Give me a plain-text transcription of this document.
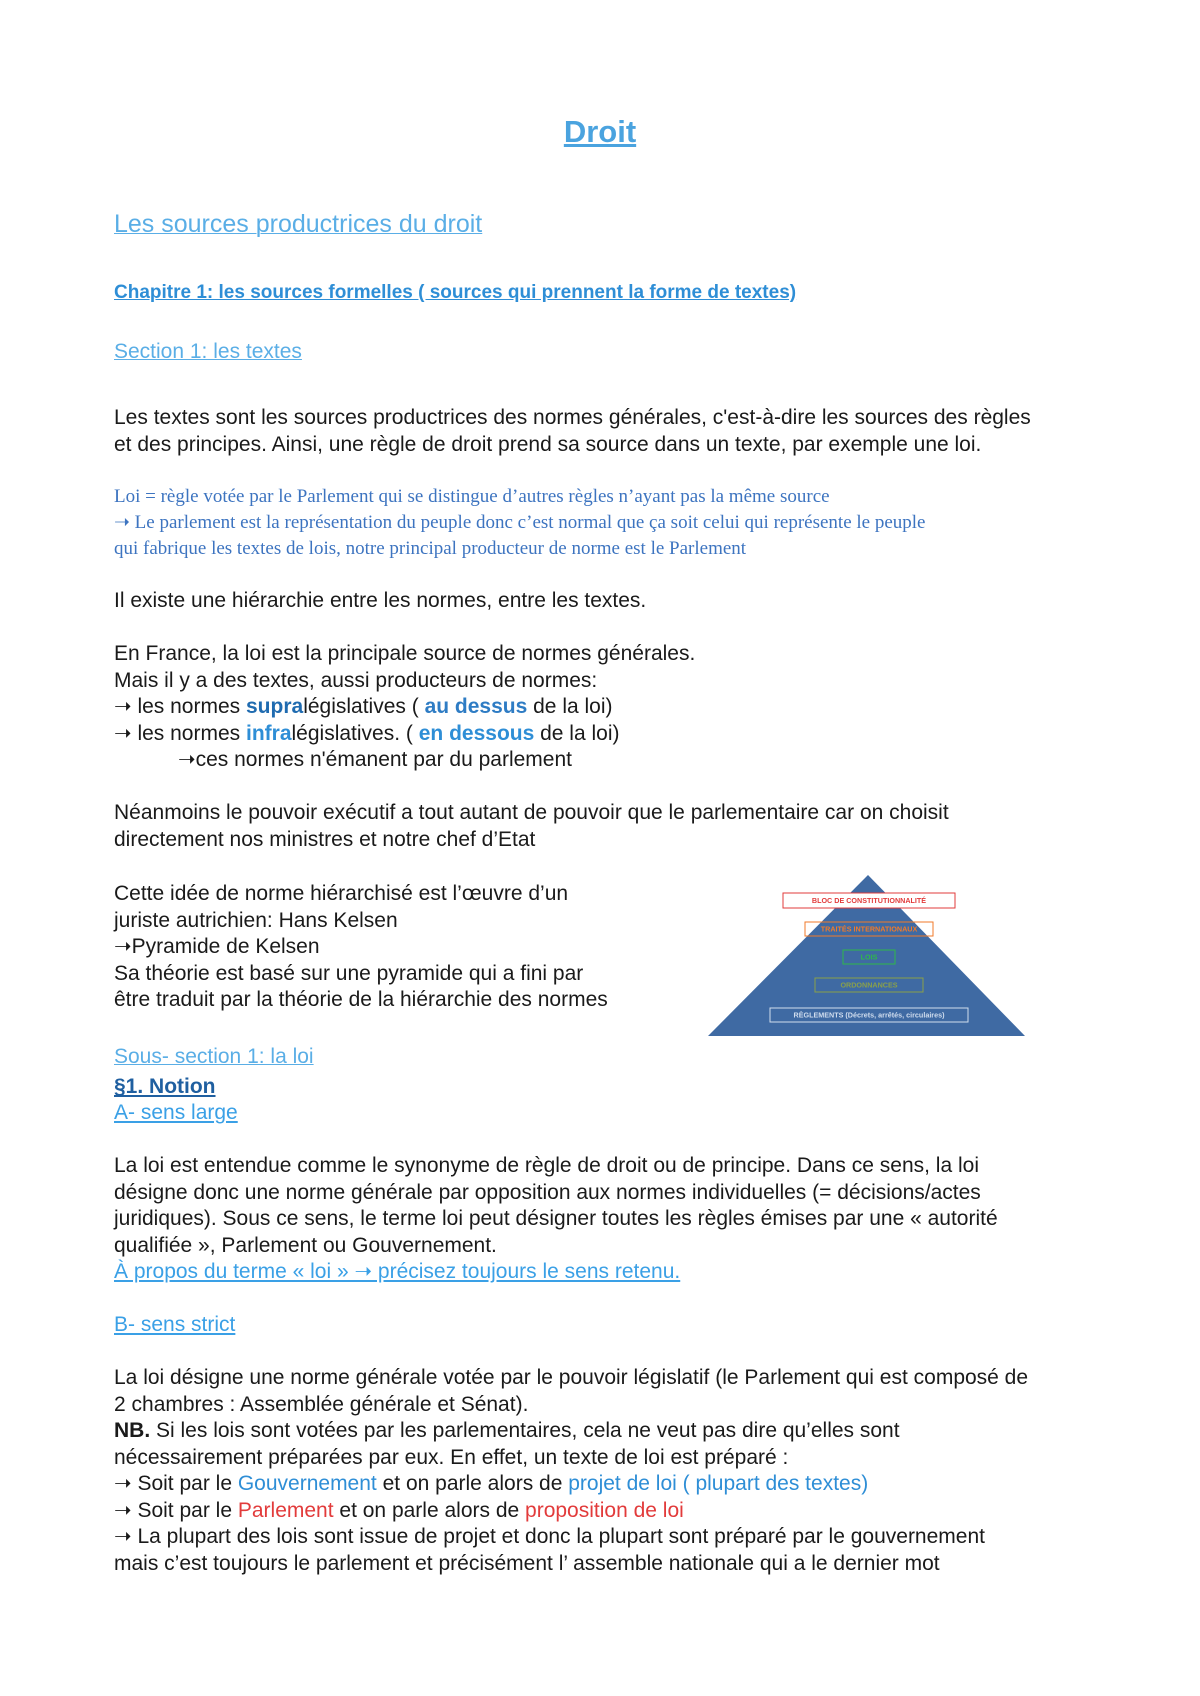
Droit
Les sources productrices du droit
Chapitre 1: les sources formelles ( sources qui prennent la forme de textes)
Section 1: les textes
Les textes sont les sources productrices des normes générales, c'est-à-dire les sources des règles
et des principes. Ainsi, une règle de droit prend sa source dans un texte, par exemple une loi.
Loi = règle votée par le Parlement qui se distingue d’autres règles n’ayant pas la même source
➝ Le parlement est la représentation du peuple donc c’est normal que ça soit celui qui représente le peuple
qui fabrique les textes de lois, notre principal producteur de norme est le Parlement
Il existe une hiérarchie entre les normes, entre les textes.
En France, la loi est la principale source de normes générales.
Mais il y a des textes, aussi producteurs de normes:
➝ les normes supralégislatives ( au dessus de la loi)
➝ les normes infralégislatives. ( en dessous de la loi)
➝ces normes n'émanent par du parlement
Néanmoins le pouvoir exécutif a tout autant de pouvoir que le parlementaire car on choisit
directement nos ministres et notre chef d’Etat
Cette idée de norme hiérarchisé est l’œuvre d’un
juriste autrichien: Hans Kelsen
➝Pyramide de Kelsen
Sa théorie est basé sur une pyramide qui a fini par
être traduit par la théorie de la hiérarchie des normes
BLOC DE CONSTITUTIONNALITÉ
TRAITÉS INTERNATIONAUX
LOIS
ORDONNANCES
RÈGLEMENTS (Décrets, arrêtés, circulaires)
Sous- section 1: la loi
§1. Notion
A- sens large
La loi est entendue comme le synonyme de règle de droit ou de principe. Dans ce sens, la loi
désigne donc une norme générale par opposition aux normes individuelles (= décisions/actes
juridiques). Sous ce sens, le terme loi peut désigner toutes les règles émises par une « autorité
qualifiée », Parlement ou Gouvernement.
À propos du terme « loi » ➝ précisez toujours le sens retenu.
B- sens strict
La loi désigne une norme générale votée par le pouvoir législatif (le Parlement qui est composé de
2 chambres : Assemblée générale et Sénat).
NB. Si les lois sont votées par les parlementaires, cela ne veut pas dire qu’elles sont
nécessairement préparées par eux. En effet, un texte de loi est préparé :
➝ Soit par le Gouvernement et on parle alors de projet de loi ( plupart des textes)
➝ Soit par le Parlement et on parle alors de proposition de loi
➝ La plupart des lois sont issue de projet et donc la plupart sont préparé par le gouvernement
mais c’est toujours le parlement et précisément l’ assemble nationale qui a le dernier mot
